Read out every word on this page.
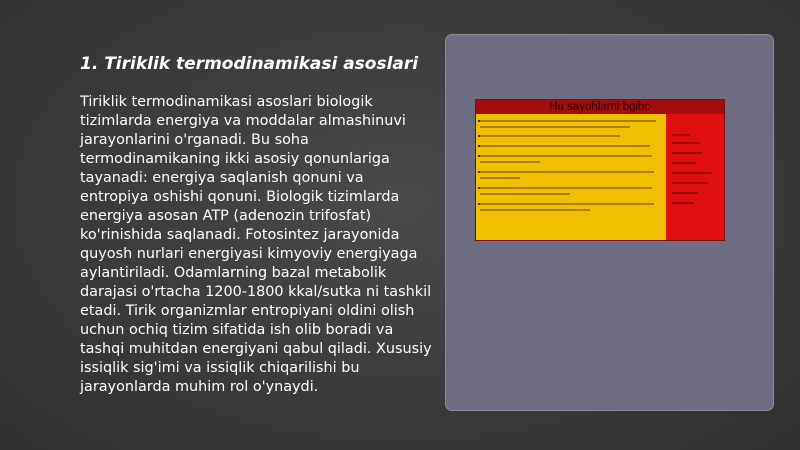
1. Tiriklik termodinamikasi asoslari
Tiriklik termodinamikasi asoslari biologik tizimlarda energiya va moddalar almashinuvi jarayonlarini o'rganadi. Bu soha termodinamikaning ikki asosiy qonunlariga tayanadi: energiya saqlanish qonuni va entropiya oshishi qonuni. Biologik tizimlarda energiya asosan ATP (adenozin trifosfat) ko'rinishida saqlanadi. Fotosintez jarayonida quyosh nurlari energiyasi kimyoviy energiyaga aylantiriladi. Odamlarning bazal metabolik darajasi o'rtacha 1200-1800 kkal/sutka ni tashkil etadi. Tirik organizmlar entropiyani oldini olish uchun ochiq tizim sifatida ish olib boradi va tashqi muhitdan energiyani qabul qiladi. Xususiy issiqlik sig'imi va issiqlik chiqarilishi bu jarayonlarda muhim rol o'ynaydi.
Hu sayohlarni bgibo
